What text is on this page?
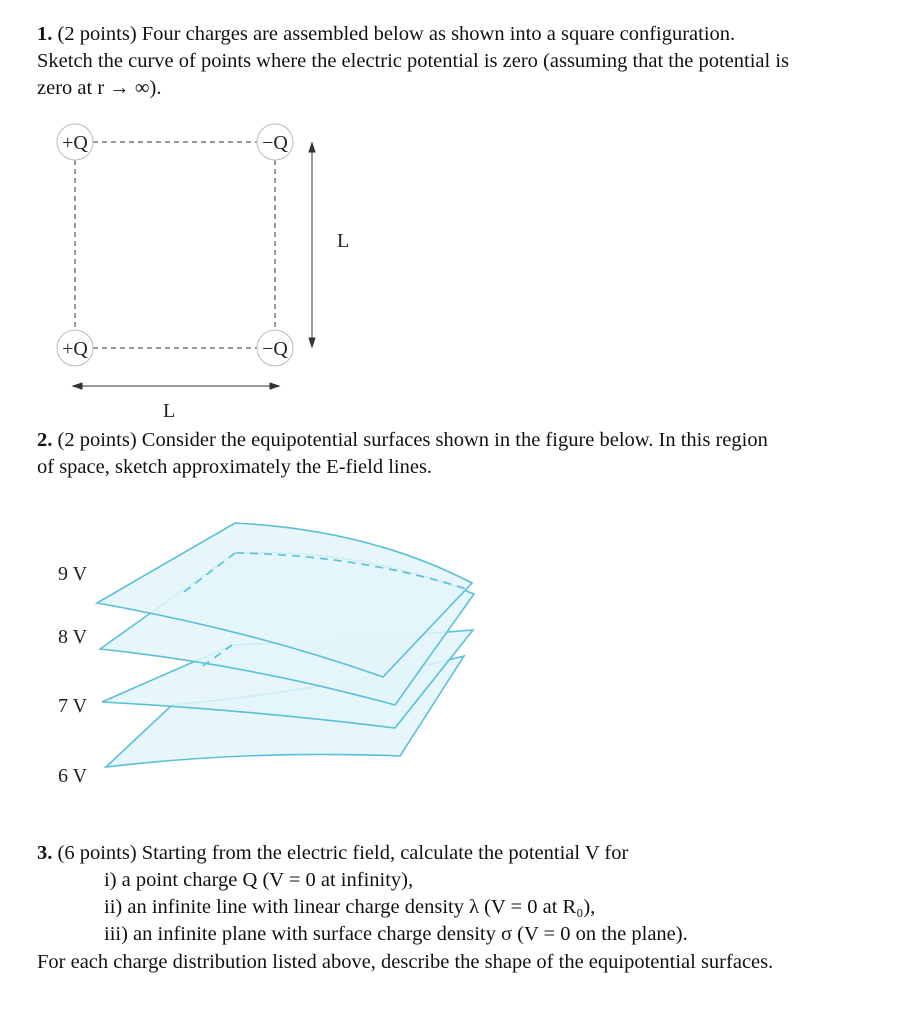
1. (2 points) Four charges are assembled below as shown into a square configuration.
Sketch the curve of points where the electric potential is zero (assuming that the potential is
zero at r → ∞).
+Q	−Q
+Q	−Q
L
L
9 V
8 V
7 V
6 V
2. (2 points) Consider the equipotential surfaces shown in the figure below. In this region
of space, sketch approximately the E-field lines.
3. (6 points) Starting from the electric field, calculate the potential V for
i) a point charge Q (V = 0 at infinity),
ii) an infinite line with linear charge density λ (V = 0 at R₀),
iii) an infinite plane with surface charge density σ (V = 0 on the plane).
For each charge distribution listed above, describe the shape of the equipotential surfaces.
